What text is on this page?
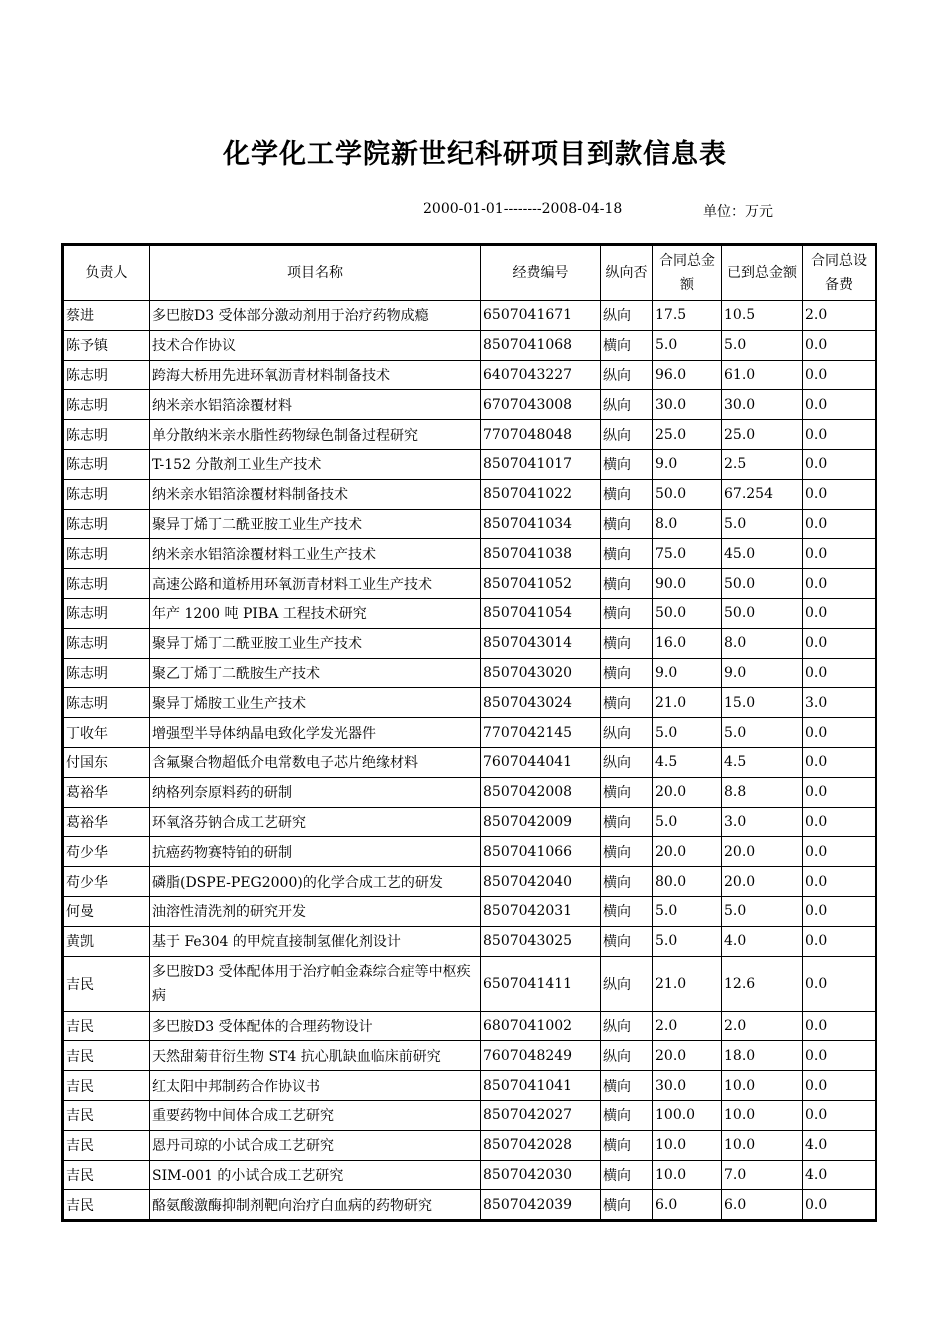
化学化工学院新世纪科研项目到款信息表
2000-01-01--------2008-04-18	单位：万元
负责人	项目名称	经费编号	纵向否	合同总金额	已到总金额	合同总设备费
蔡进	多巴胺D3 受体部分激动剂用于治疗药物成瘾	6507041671	纵向	17.5	10.5	2.0
陈予镇	技术合作协议	8507041068	横向	5.0	5.0	0.0
陈志明	跨海大桥用先进环氧沥青材料制备技术	6407043227	纵向	96.0	61.0	0.0
陈志明	纳米亲水铝箔涂覆材料	6707043008	纵向	30.0	30.0	0.0
陈志明	单分散纳米亲水脂性药物绿色制备过程研究	7707048048	纵向	25.0	25.0	0.0
陈志明	T-152 分散剂工业生产技术	8507041017	横向	9.0	2.5	0.0
陈志明	纳米亲水铝箔涂覆材料制备技术	8507041022	横向	50.0	67.254	0.0
陈志明	聚异丁烯丁二酰亚胺工业生产技术	8507041034	横向	8.0	5.0	0.0
陈志明	纳米亲水铝箔涂覆材料工业生产技术	8507041038	横向	75.0	45.0	0.0
陈志明	高速公路和道桥用环氧沥青材料工业生产技术	8507041052	横向	90.0	50.0	0.0
陈志明	年产 1200 吨 PIBA 工程技术研究	8507041054	横向	50.0	50.0	0.0
陈志明	聚异丁烯丁二酰亚胺工业生产技术	8507043014	横向	16.0	8.0	0.0
陈志明	聚乙丁烯丁二酰胺生产技术	8507043020	横向	9.0	9.0	0.0
陈志明	聚异丁烯胺工业生产技术	8507043024	横向	21.0	15.0	3.0
丁收年	增强型半导体纳晶电致化学发光器件	7707042145	纵向	5.0	5.0	0.0
付国东	含氟聚合物超低介电常数电子芯片绝缘材料	7607044041	纵向	4.5	4.5	0.0
葛裕华	纳格列奈原料药的研制	8507042008	横向	20.0	8.8	0.0
葛裕华	环氧洛芬钠合成工艺研究	8507042009	横向	5.0	3.0	0.0
苟少华	抗癌药物赛特铂的研制	8507041066	横向	20.0	20.0	0.0
苟少华	磷脂(DSPE-PEG2000)的化学合成工艺的研发	8507042040	横向	80.0	20.0	0.0
何曼	油溶性清洗剂的研究开发	8507042031	横向	5.0	5.0	0.0
黄凯	基于 Fe304 的甲烷直接制氢催化剂设计	8507043025	横向	5.0	4.0	0.0
吉民	多巴胺D3 受体配体用于治疗帕金森综合症等中枢疾病	6507041411	纵向	21.0	12.6	0.0
吉民	多巴胺D3 受体配体的合理药物设计	6807041002	纵向	2.0	2.0	0.0
吉民	天然甜菊苷衍生物 ST4 抗心肌缺血临床前研究	7607048249	纵向	20.0	18.0	0.0
吉民	红太阳中邦制药合作协议书	8507041041	横向	30.0	10.0	0.0
吉民	重要药物中间体合成工艺研究	8507042027	横向	100.0	10.0	0.0
吉民	恩丹司琼的小试合成工艺研究	8507042028	横向	10.0	10.0	4.0
吉民	SIM-001 的小试合成工艺研究	8507042030	横向	10.0	7.0	4.0
吉民	酪氨酸激酶抑制剂靶向治疗白血病的药物研究	8507042039	横向	6.0	6.0	0.0
